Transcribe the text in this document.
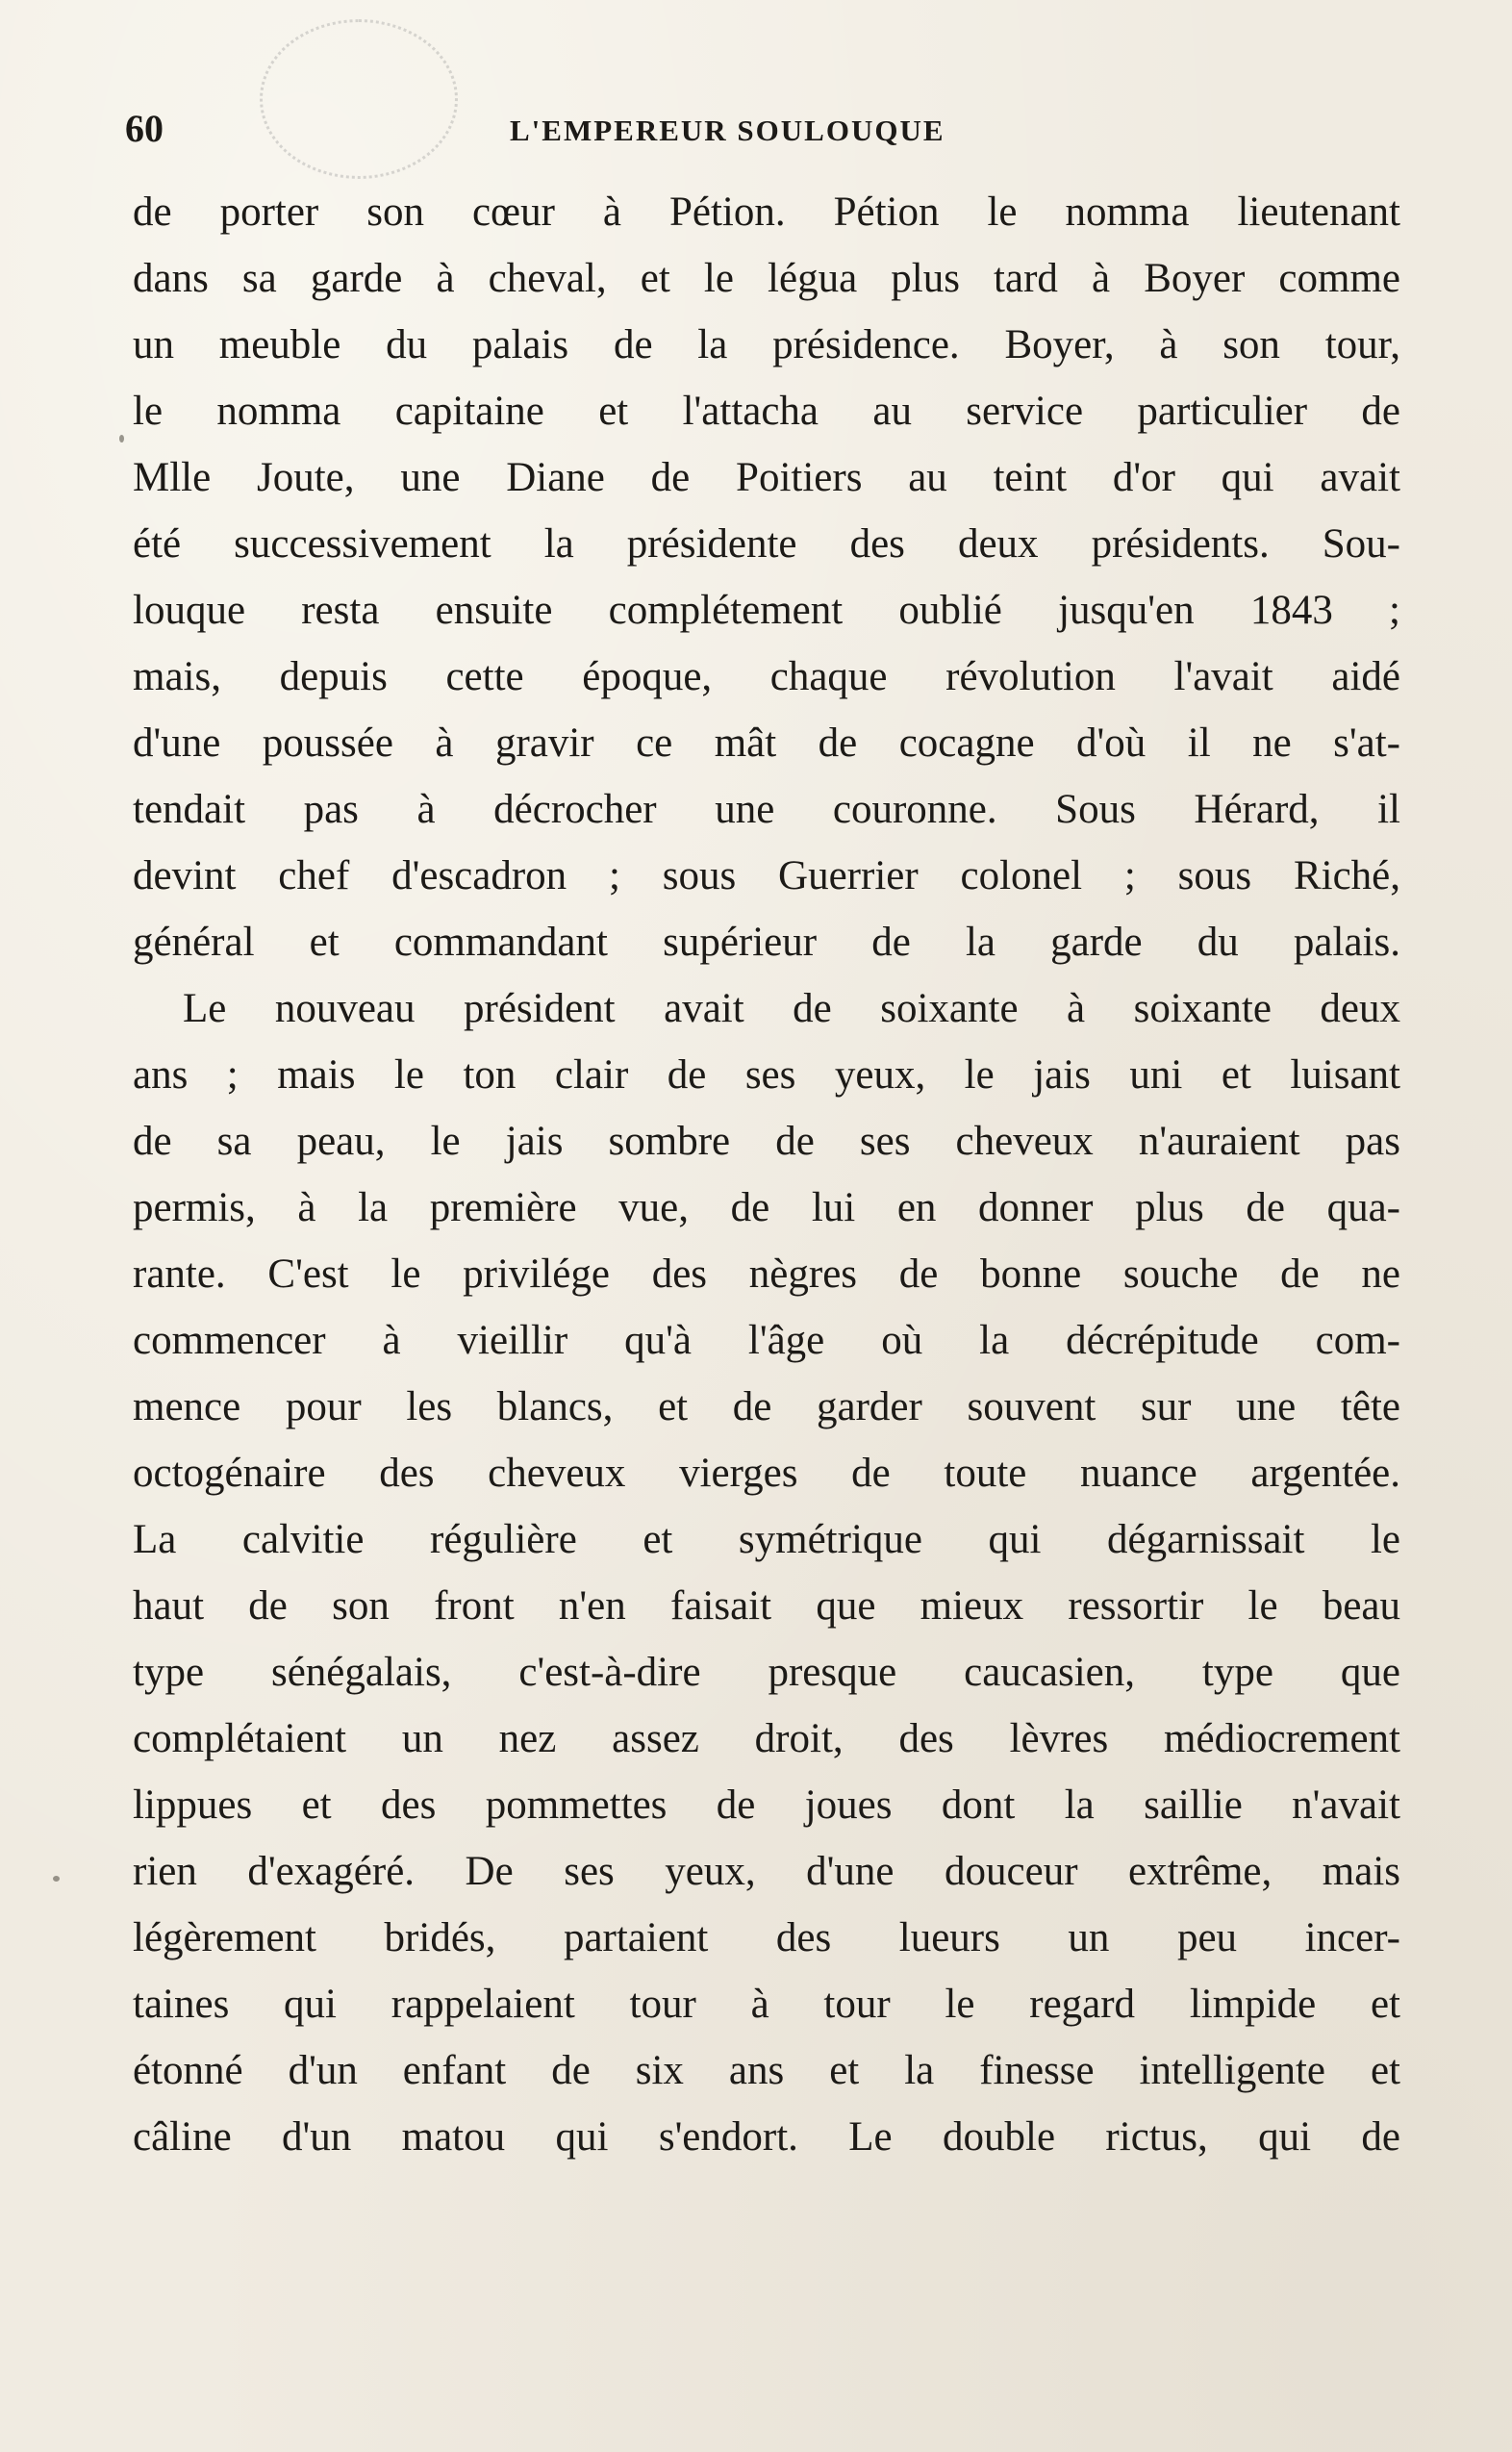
60	L'EMPEREUR SOULOUQUE
de porter son cœur à Pétion. Pétion le nomma lieutenant
dans sa garde à cheval, et le légua plus tard à Boyer comme
un meuble du palais de la présidence. Boyer, à son tour,
le nomma capitaine et l'attacha au service particulier de
Mlle Joute, une Diane de Poitiers au teint d'or qui avait
été successivement la présidente des deux présidents. Sou-
louque resta ensuite complétement oublié jusqu'en 1843 ;
mais, depuis cette époque, chaque révolution l'avait aidé
d'une poussée à gravir ce mât de cocagne d'où il ne s'at-
tendait pas à décrocher une couronne. Sous Hérard, il
devint chef d'escadron ; sous Guerrier colonel ; sous Riché,
général et commandant supérieur de la garde du palais.
Le nouveau président avait de soixante à soixante deux
ans ; mais le ton clair de ses yeux, le jais uni et luisant
de sa peau, le jais sombre de ses cheveux n'auraient pas
permis, à la première vue, de lui en donner plus de qua-
rante. C'est le privilége des nègres de bonne souche de ne
commencer à vieillir qu'à l'âge où la décrépitude com-
mence pour les blancs, et de garder souvent sur une tête
octogénaire des cheveux vierges de toute nuance argentée.
La calvitie régulière et symétrique qui dégarnissait le
haut de son front n'en faisait que mieux ressortir le beau
type sénégalais, c'est-à-dire presque caucasien, type que
complétaient un nez assez droit, des lèvres médiocrement
lippues et des pommettes de joues dont la saillie n'avait
rien d'exagéré. De ses yeux, d'une douceur extrême, mais
légèrement bridés, partaient des lueurs un peu incer-
taines qui rappelaient tour à tour le regard limpide et
étonné d'un enfant de six ans et la finesse intelligente et
câline d'un matou qui s'endort. Le double rictus, qui de
